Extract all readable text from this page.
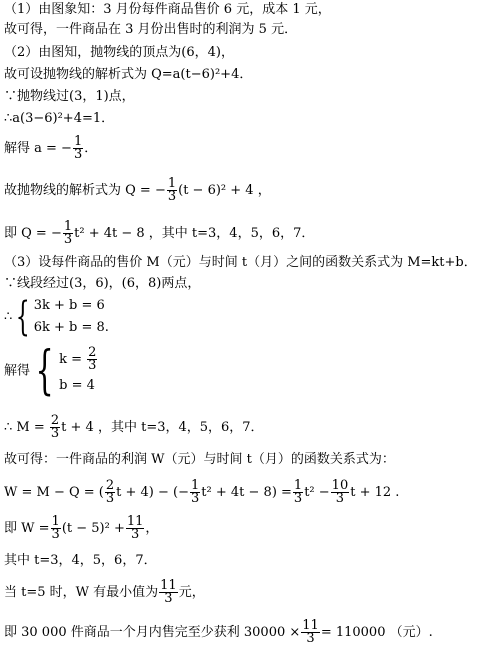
（1）由图象知：3 月份每件商品售价 6 元，成本 1 元，
故可得，一件商品在 3 月份出售时的利润为 5 元．
（2）由图知，抛物线的顶点为(6，4)，
故可设抛物线的解析式为 Q=a(t−6)²+4．
∵抛物线过(3，1)点，
∴a(3−6)²+4=1．
解得 a = − $\frac{1}{3}$ ．
故抛物线的解析式为 Q = − $\frac{1}{3} (t - 6)^2 + 4$ ，
即 Q = − $\frac{1}{3} t^2 + 4t - 8$ ，其中 t=3，4，5，6，7．
（3）设每件商品的售价 M（元）与时间 t（月）之间的函数关系式为 M=kt+b．
∵线段经过(3，6)，(6，8)两点，
∴{ 3k + b = 6
6k + b = 8.
解得 { $k = \frac{2}{3}$
b = 4
∴ $M = \frac{2}{3}$ t + 4 ，其中 t=3，4，5，6，7．
故可得：一件商品的利润 W（元）与时间 t（月）的函数关系式为：
W = M − Q = ( $\frac{2}{3}$ t + 4) − (− $\frac{1}{3} t^2 + 4t - 8) = \frac{1}{3} t^2 - \frac{10}{3}$ t + 12 .
即 $W = \frac{1}{3} (t - 5)^2 + \frac{11}{3}$ ，
其中 t=3，4，5，6，7．
当 t=5 时，W 有最小值为 $\frac{11}{3}$ 元，
即 30 000 件商品一个月内售完至少获利 $30000 \times \frac{11}{3} = 110000$ （元）.
